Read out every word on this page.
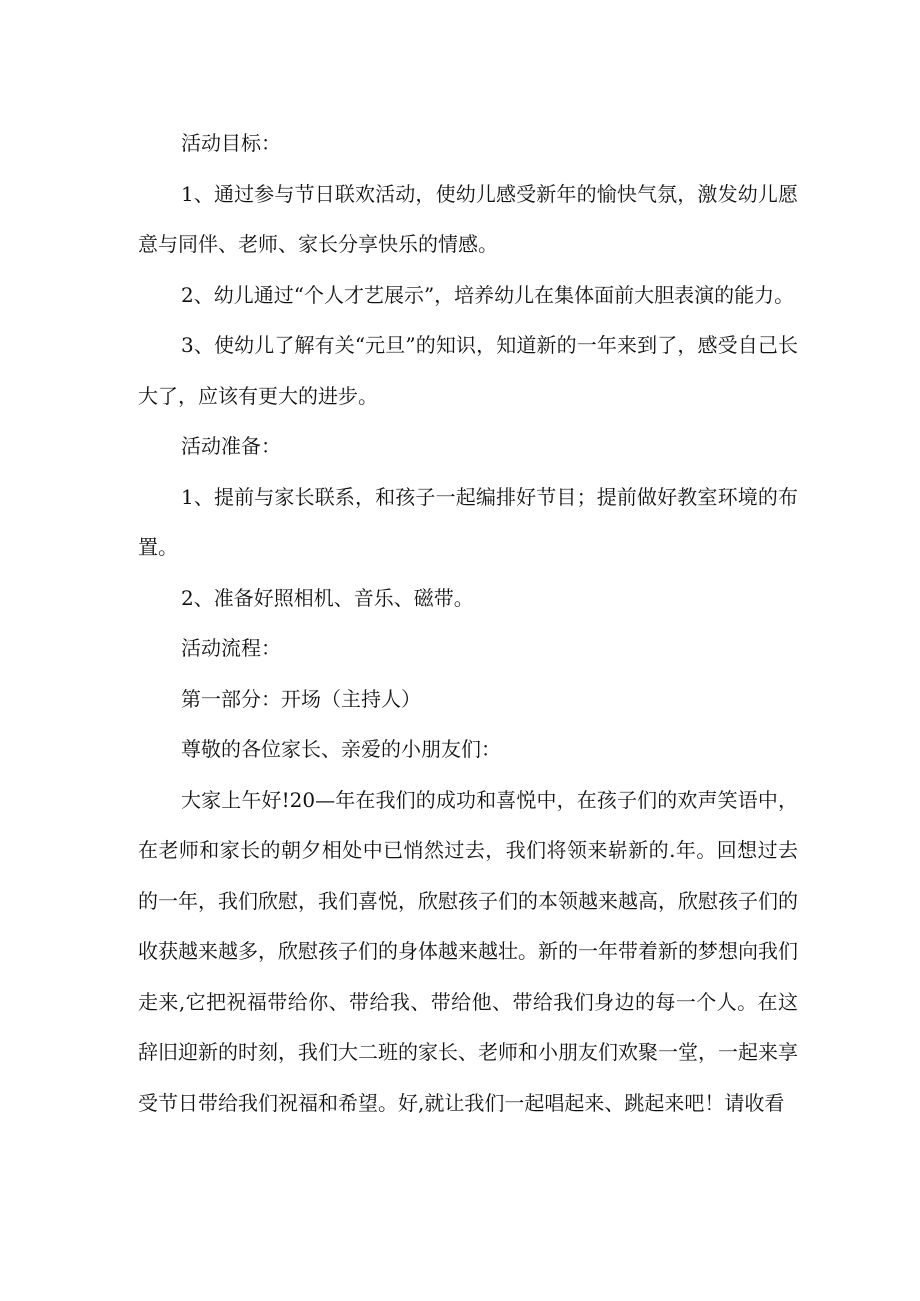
活动目标：

1、通过参与节日联欢活动，使幼儿感受新年的愉快气氛，激发幼儿愿意与同伴、老师、家长分享快乐的情感。

2、幼儿通过“个人才艺展示”，培养幼儿在集体面前大胆表演的能力。

3、使幼儿了解有关“元旦”的知识，知道新的一年来到了，感受自己长大了，应该有更大的进步。

活动准备：

1、提前与家长联系，和孩子一起编排好节目；提前做好教室环境的布置。

2、准备好照相机、音乐、磁带。

活动流程：

第一部分：开场（主持人）

尊敬的各位家长、亲爱的小朋友们：

大家上午好!20—年在我们的成功和喜悦中，在孩子们的欢声笑语中，在老师和家长的朝夕相处中已悄然过去，我们将领来崭新的.年。回想过去的一年，我们欣慰，我们喜悦，欣慰孩子们的本领越来越高，欣慰孩子们的收获越来越多，欣慰孩子们的身体越来越壮。新的一年带着新的梦想向我们走来,它把祝福带给你、带给我、带给他、带给我们身边的每一个人。在这辞旧迎新的时刻，我们大二班的家长、老师和小朋友们欢聚一堂，一起来享受节日带给我们祝福和希望。好,就让我们一起唱起来、跳起来吧！请收看
